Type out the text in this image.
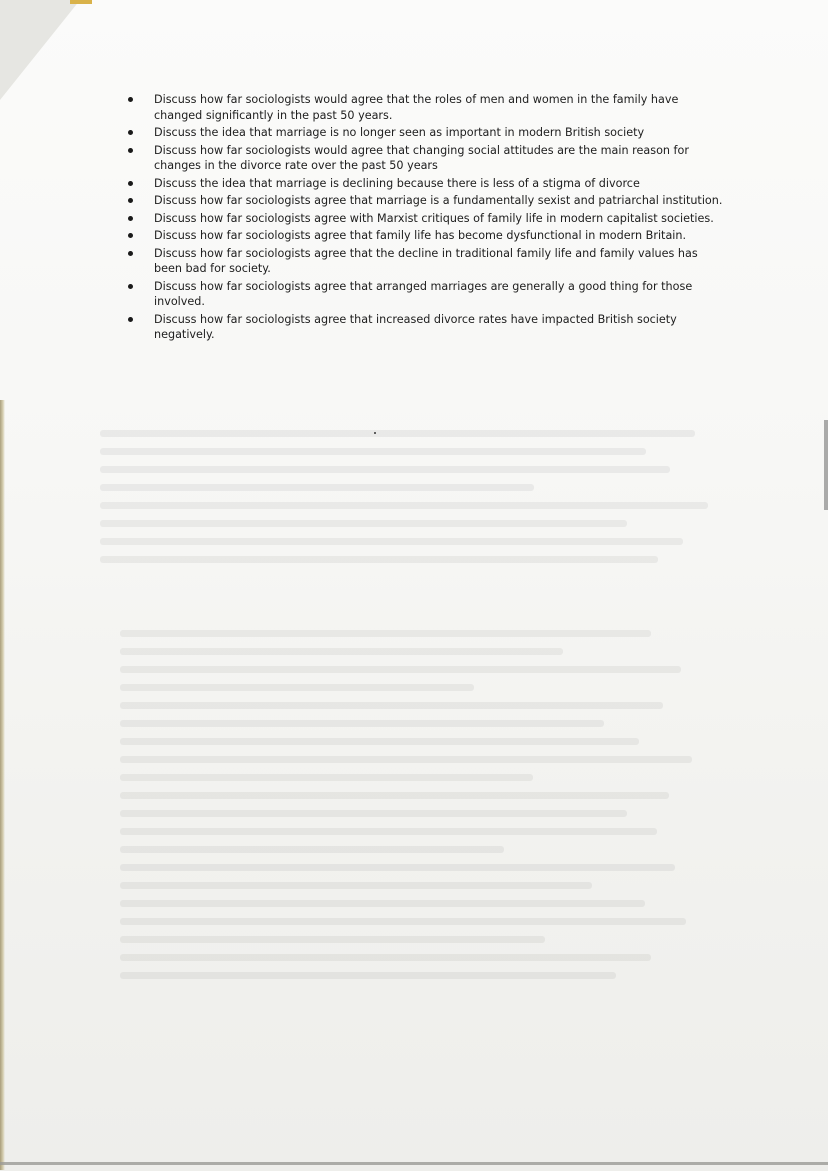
Discuss how far sociologists would agree that the roles of men and women in the family have changed significantly in the past 50 years.
Discuss the idea that marriage is no longer seen as important in modern British society
Discuss how far sociologists would agree that changing social attitudes are the main reason for changes in the divorce rate over the past 50 years
Discuss the idea that marriage is declining because there is less of a stigma of divorce
Discuss how far sociologists agree that marriage is a fundamentally sexist and patriarchal institution.
Discuss how far sociologists agree with Marxist critiques of family life in modern capitalist societies.
Discuss how far sociologists agree that family life has become dysfunctional in modern Britain.
Discuss how far sociologists agree that the decline in traditional family life and family values has been bad for society.
Discuss how far sociologists agree that arranged marriages are generally a good thing for those involved.
Discuss how far sociologists agree that increased divorce rates have impacted British society negatively.
